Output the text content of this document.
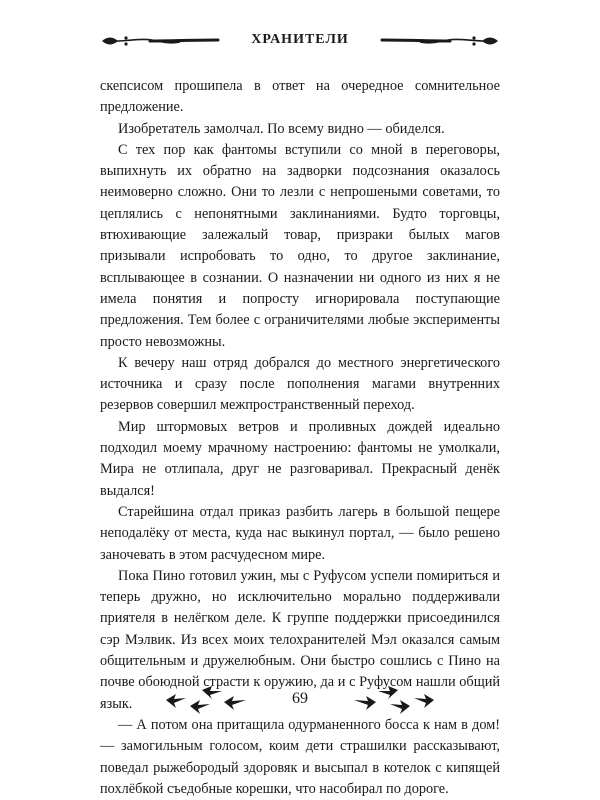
ХРАНИТЕЛИ

скепсисом прошипела в ответ на очередное сомнительное предложение.

Изобретатель замолчал. По всему видно — обиделся.

С тех пор как фантомы вступили со мной в переговоры, выпихнуть их обратно на задворки подсознания оказалось неимоверно сложно. Они то лезли с непрошеными советами, то цеплялись с непонятными заклинаниями. Будто торговцы, втюхивающие залежалый товар, призраки былых магов призывали испробовать то одно, то другое заклинание, всплывающее в сознании. О назначении ни одного из них я не имела понятия и попросту игнорировала поступающие предложения. Тем более с ограничителями любые эксперименты просто невозможны.

К вечеру наш отряд добрался до местного энергетического источника и сразу после пополнения магами внутренних резервов совершил межпространственный переход.

Мир штормовых ветров и проливных дождей идеально подходил моему мрачному настроению: фантомы не умолкали, Мира не отлипала, друг не разговаривал. Прекрасный денёк выдался!

Старейшина отдал приказ разбить лагерь в большой пещере неподалёку от места, куда нас выкинул портал, — было решено заночевать в этом расчудесном мире.

Пока Пино готовил ужин, мы с Руфусом успели помириться и теперь дружно, но исключительно морально поддерживали приятеля в нелёгком деле. К группе поддержки присоединился сэр Мэлвик. Из всех моих телохранителей Мэл оказался самым общительным и дружелюбным. Они быстро сошлись с Пино на почве обоюдной страсти к оружию, да и с Руфусом нашли общий язык.

— А потом она притащила одурманенного босса к нам в дом! — замогильным голосом, коим дети страшилки рассказывают, поведал рыжебородый здоровяк и высыпал в котелок с кипящей похлёбкой съедобные корешки, что насобирал по дороге.

69
